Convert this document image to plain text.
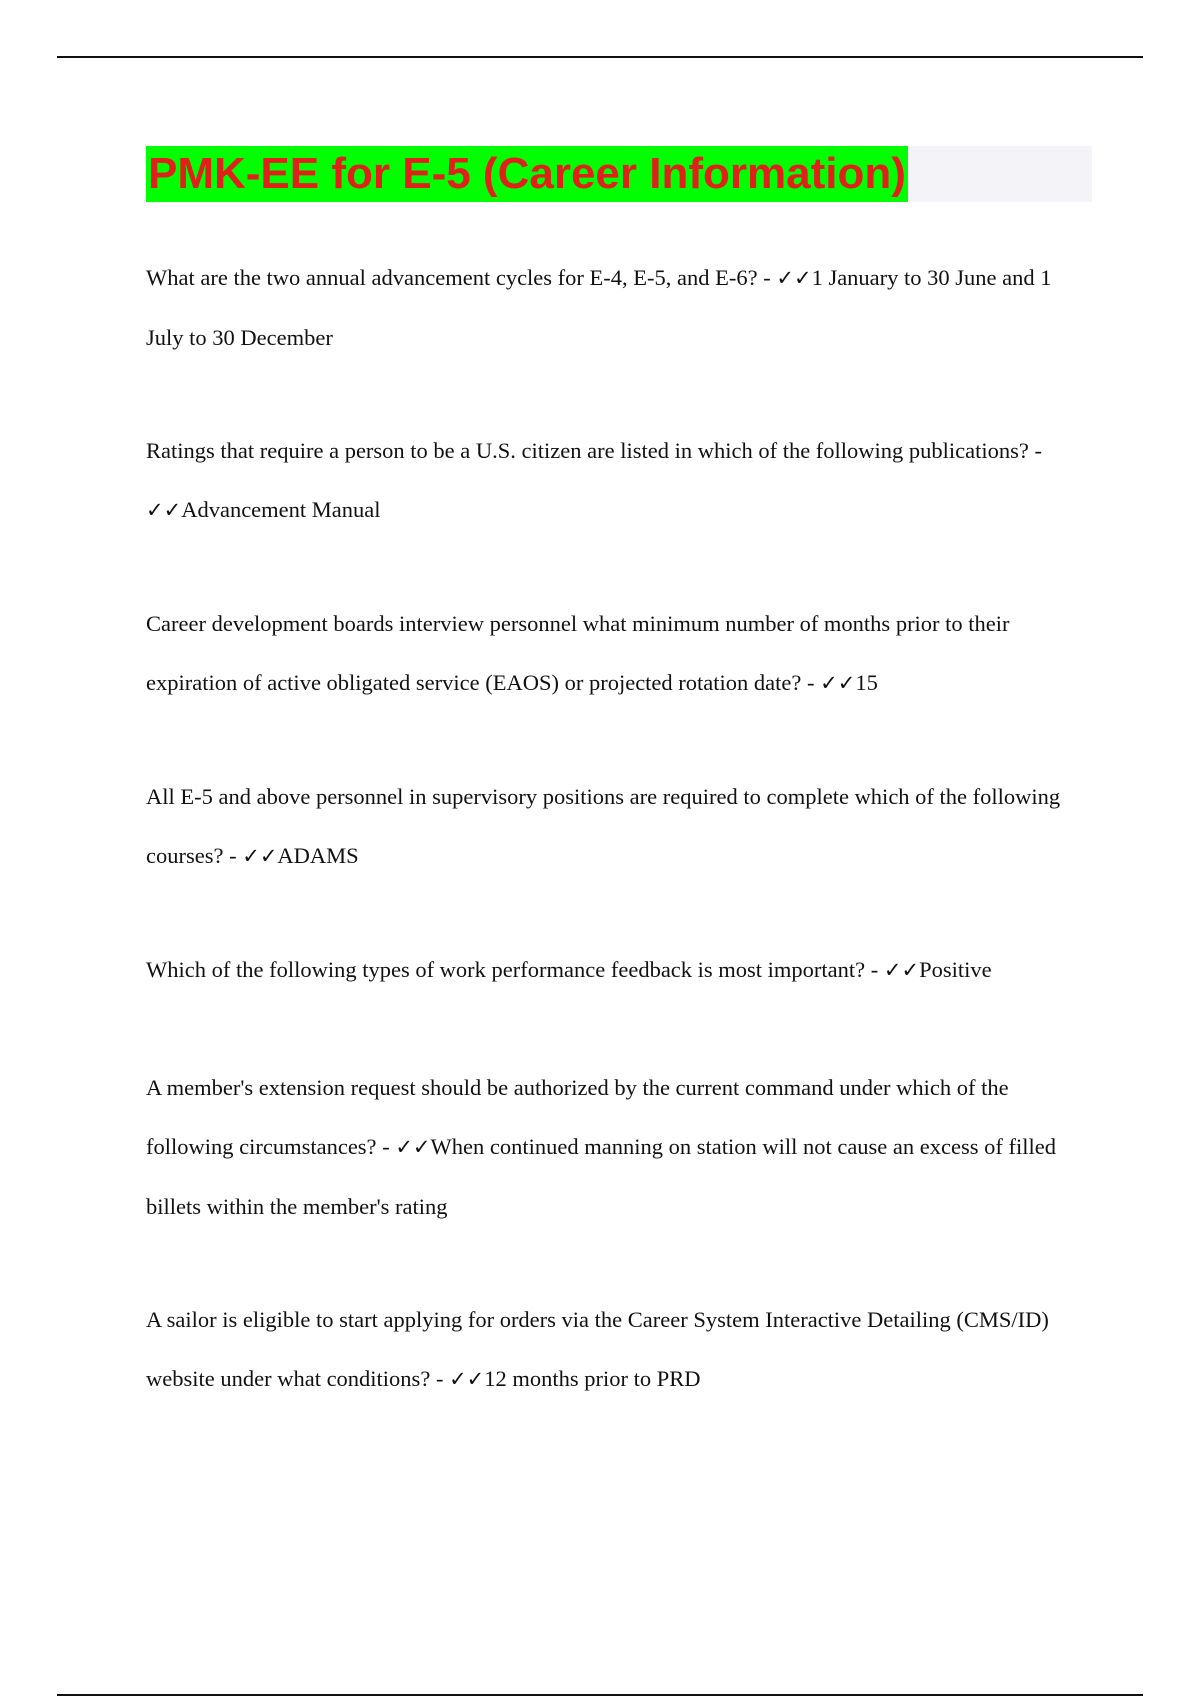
PMK-EE for E-5 (Career Information)

What are the two annual advancement cycles for E-4, E-5, and E-6? - ✓✓1 January to 30 June and 1 July to 30 December

Ratings that require a person to be a U.S. citizen are listed in which of the following publications? - ✓✓Advancement Manual

Career development boards interview personnel what minimum number of months prior to their expiration of active obligated service (EAOS) or projected rotation date? - ✓✓15

All E-5 and above personnel in supervisory positions are required to complete which of the following courses? - ✓✓ADAMS

Which of the following types of work performance feedback is most important? - ✓✓Positive

A member's extension request should be authorized by the current command under which of the following circumstances? - ✓✓When continued manning on station will not cause an excess of filled billets within the member's rating

A sailor is eligible to start applying for orders via the Career System Interactive Detailing (CMS/ID) website under what conditions? - ✓✓12 months prior to PRD
